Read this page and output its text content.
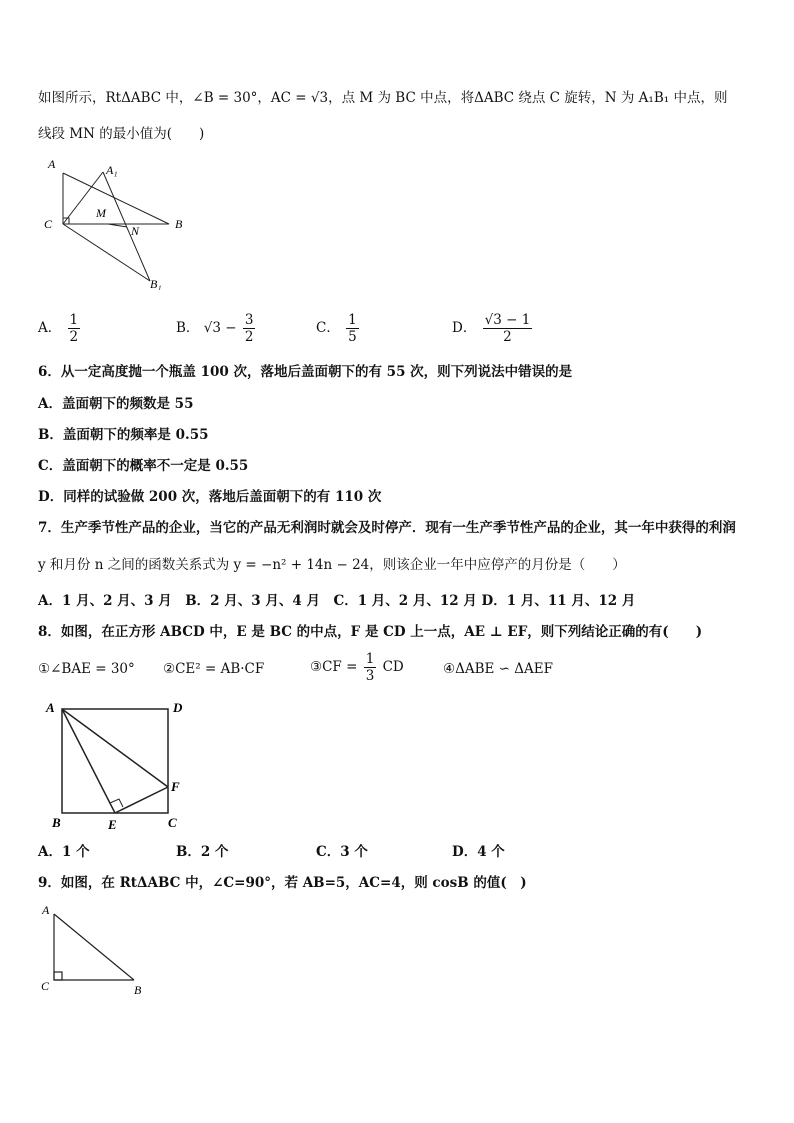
如图所示，RtΔABC 中，∠B = 30°，AC = √3，点 M 为 BC 中点，将ΔABC 绕点 C 旋转，N 为 A₁B₁ 中点，则
线段 MN 的最小值为(　　)
A	A₁
C
M
N	B
B₁
A． $\frac{1}{2}$	B． $√3 - \frac{3}{2}$	C． $\frac{1}{5}$	D． $\frac{√3 - 1}{2}$
6．从一定高度抛一个瓶盖 100 次，落地后盖面朝下的有 55 次，则下列说法中错误的是
A．盖面朝下的频数是 55
B．盖面朝下的频率是 0.55
C．盖面朝下的概率不一定是 0.55
D．同样的试验做 200 次，落地后盖面朝下的有 110 次
7．生产季节性产品的企业，当它的产品无利润时就会及时停产．现有一生产季节性产品的企业，其一年中获得的利润
y 和月份 n 之间的函数关系式为 y = −n² + 14n − 24，则该企业一年中应停产的月份是（　　）
A．1 月、2 月、3 月　B．2 月、3 月、4 月　C．1 月、2 月、12 月 D．1 月、11 月、12 月
8．如图，在正方形 ABCD 中，E 是 BC 的中点，F 是 CD 上一点，AE ⊥ EF，则下列结论正确的有(　　)
①∠BAE = 30° ②CE² = AB·CF	③CF = $\frac{1}{3}$ CD	④ΔABE ∽ ΔAEF
A	D
B	E	C
F
A．1 个	B．2 个	C．3 个	D．4 个
9．如图，在 RtΔABC 中，∠C=90°，若 AB=5，AC=4，则 cosB 的值(　)
A
C	B
